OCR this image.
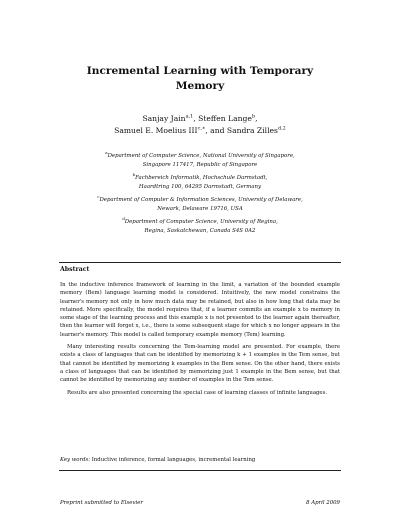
Incremental Learning with Temporary
Memory
Sanjay Jain$^{a,1}$, Steffen Lange$^b$,
Samuel E. Moelius $III^{c,∗}$, and Sandra Zilles$^{d,2}$
$^a$Department of Computer Science, National University of Singapore,
Singapore 117417, Republic of Singapore
$^b$Fachbereich Informatik, Hochschule Darmstadt,
Haardtring 100, 64295 Darmstadt, Germany
$^c$Department of Computer & Information Sciences, University of Delaware,
Newark, Delaware 19716, USA
$^d$Department of Computer Science, University of Regina,
Regina, Saskatchewan, Canada S4S 0A2
Abstract

In the inductive inference framework of learning in the limit, a variation of the bounded example memory (Bem) language learning model is considered. Intuitively, the new model constrains the learner's memory not only in how much data may be retained, but also in how long that data may be retained. More specifically, the model requires that, if a learner commits an example x to memory in some stage of the learning process and this example x is not presented to the learner again thereafter, then the learner will forget x, i.e., there is some subsequent stage for which x no longer appears in the learner's memory. This model is called temporary example memory (Tem) learning.

Many interesting results concerning the Tem-learning model are presented. For example, there exists a class of languages that can be identified by memorizing k + 1 examples in the Tem sense, but that cannot be identified by memorizing k examples in the Bem sense. On the other hand, there exists a class of languages that can be identified by memorizing just 1 example in the Bem sense, but that cannot be identified by memorizing any number of examples in the Tem sense.

Results are also presented concerning the special case of learning classes of infinite languages.

Key words: Inductive inference, formal languages, incremental learning
Preprint submitted to Elsevier	8 April 2009
